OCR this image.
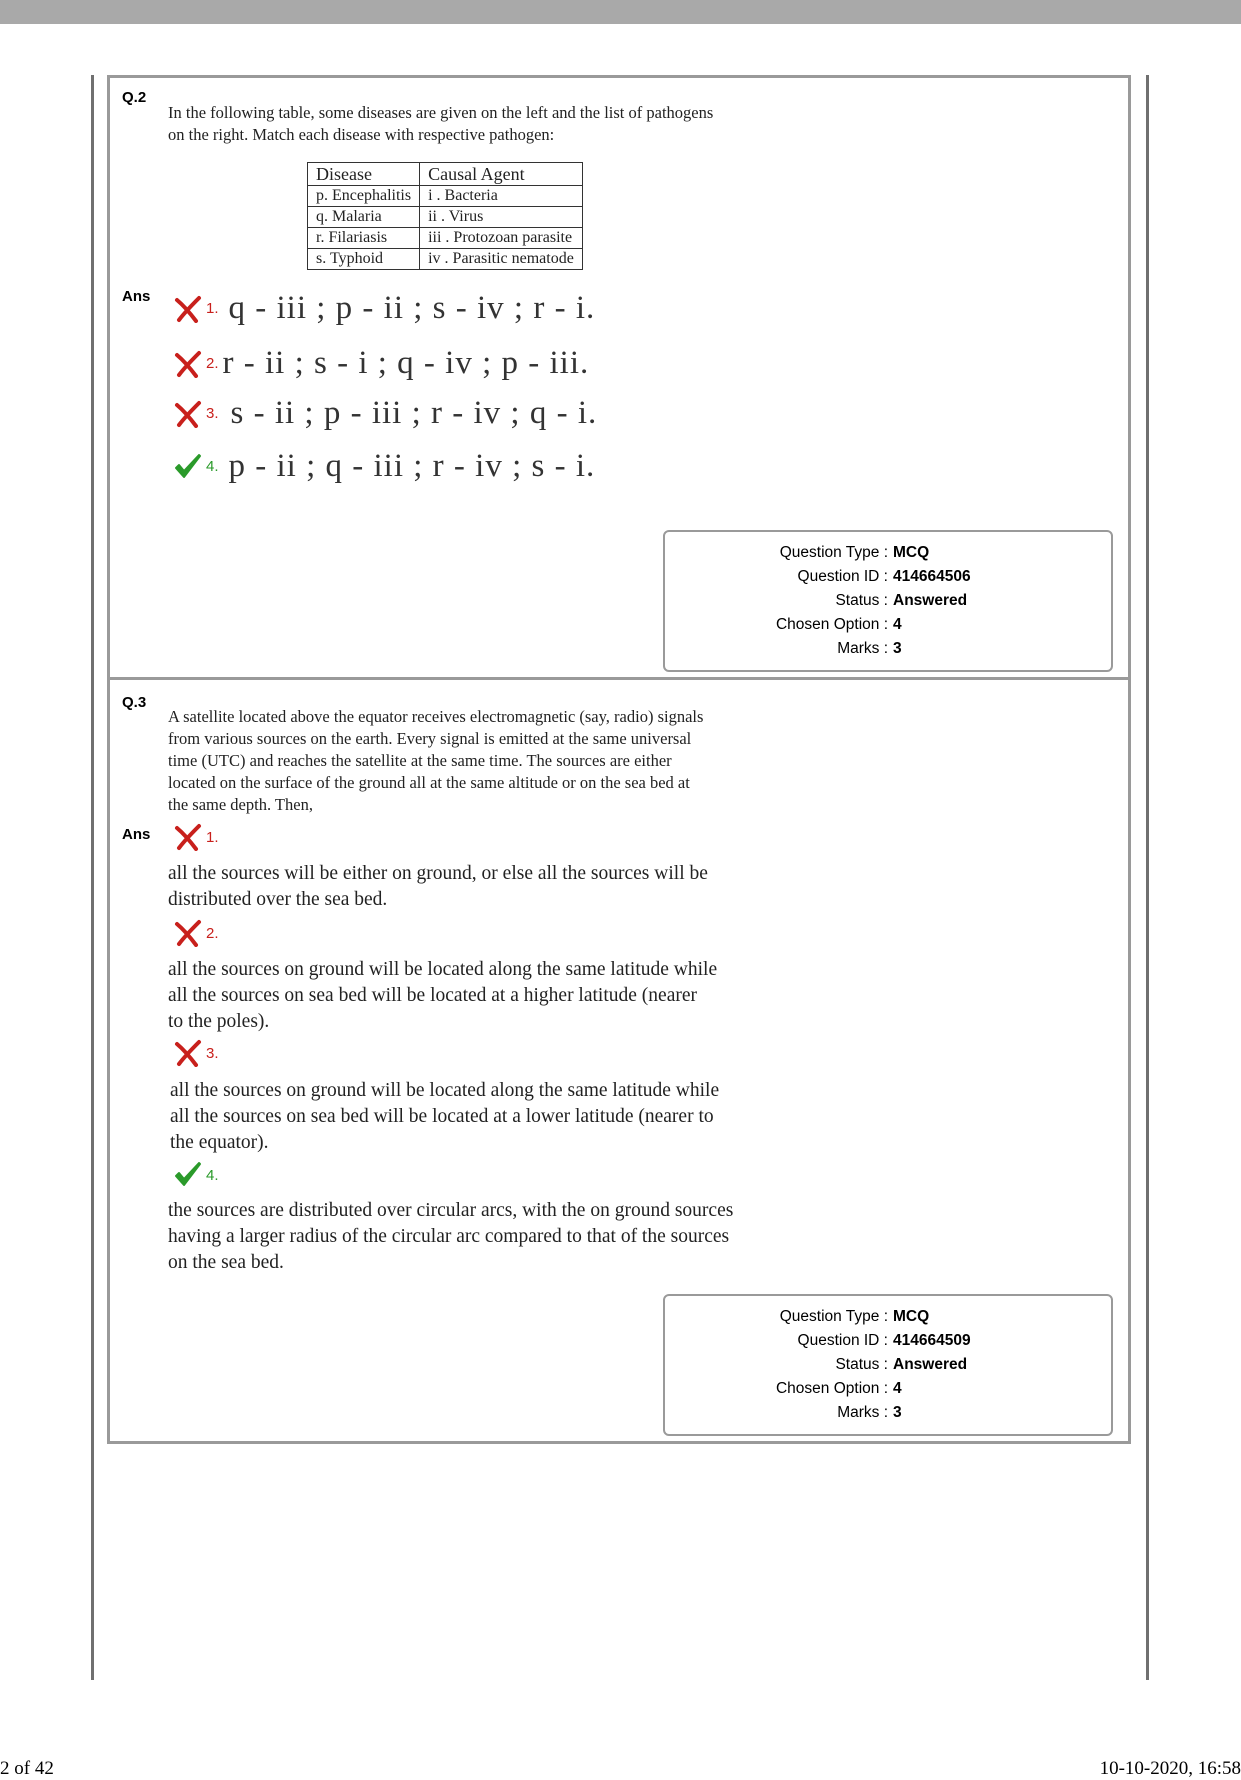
Q.2
In the following table, some diseases are given on the left and the list of pathogens
on the right. Match each disease with respective pathogen:
Disease	Causal Agent
p. Encephalitis	i . Bacteria
q. Malaria	ii . Virus
r. Filariasis	iii . Protozoan parasite
s. Typhoid	iv . Parasitic nematode
Ans
1. q - iii ; p - ii ; s - iv ; r - i.
2. r - ii ; s - i ; q - iv ; p - iii.
3. s - ii ; p - iii ; r - iv ; q - i.
4. p - ii ; q - iii ; r - iv ; s - i.
Question Type : MCQ
Question ID : 414664506
Status : Answered
Chosen Option : 4
Marks : 3
Q.3
A satellite located above the equator receives electromagnetic (say, radio) signals
from various sources on the earth. Every signal is emitted at the same universal
time (UTC) and reaches the satellite at the same time. The sources are either
located on the surface of the ground all at the same altitude or on the sea bed at
the same depth. Then,
Ans	1.
all the sources will be either on ground, or else all the sources will be
distributed over the sea bed.
2.
all the sources on ground will be located along the same latitude while
all the sources on sea bed will be located at a higher latitude (nearer
to the poles).
3.
all the sources on ground will be located along the same latitude while
all the sources on sea bed will be located at a lower latitude (nearer to
the equator).
4.
the sources are distributed over circular arcs, with the on ground sources
having a larger radius of the circular arc compared to that of the sources
on the sea bed.
Question Type : MCQ
Question ID : 414664509
Status : Answered
Chosen Option : 4
Marks : 3
2 of 42	10-10-2020, 16:58
